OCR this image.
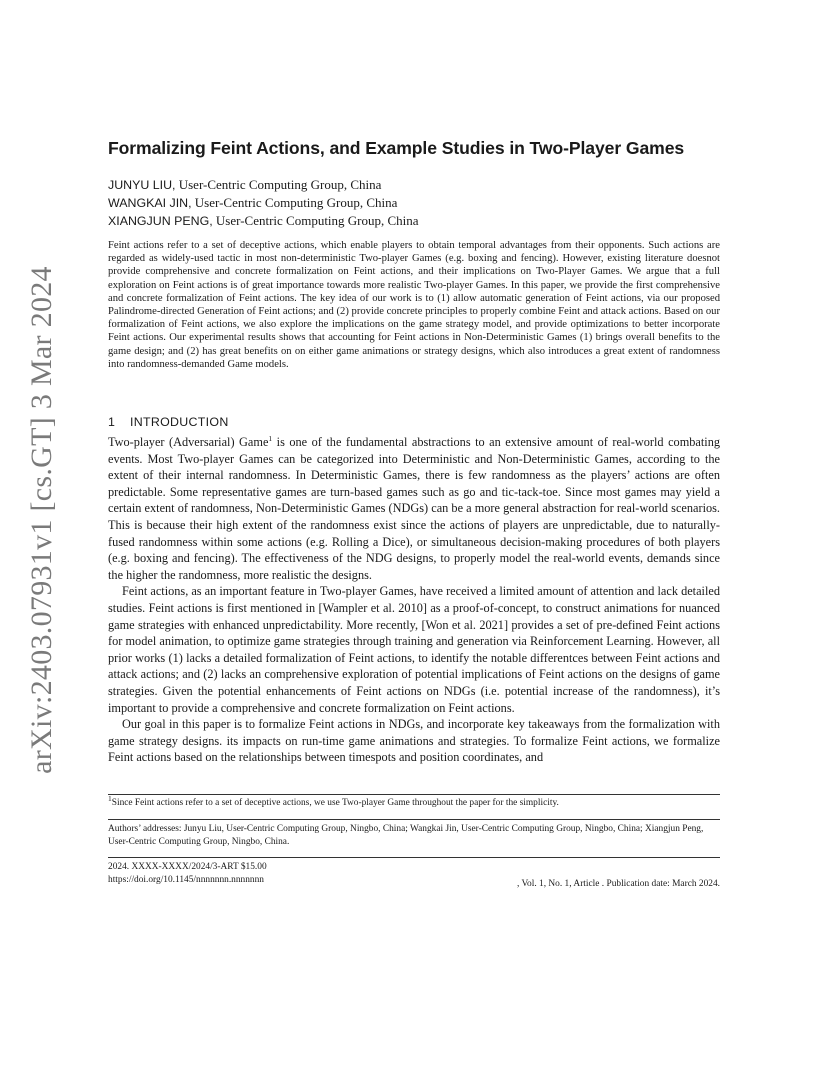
arXiv:2403.07931v1 [cs.GT] 3 Mar 2024
Formalizing Feint Actions, and Example Studies in Two-Player Games
JUNYU LIU, User-Centric Computing Group, China
WANGKAI JIN, User-Centric Computing Group, China
XIANGJUN PENG, User-Centric Computing Group, China

Feint actions refer to a set of deceptive actions, which enable players to obtain temporal advantages from their opponents. Such actions are regarded as widely-used tactic in most non-deterministic Two-player Games (e.g. boxing and fencing). However, existing literature doesnot provide comprehensive and concrete formalization on Feint actions, and their implications on Two-Player Games. We argue that a full exploration on Feint actions is of great importance towards more realistic Two-player Games. In this paper, we provide the first comprehensive and concrete formalization of Feint actions. The key idea of our work is to (1) allow automatic generation of Feint actions, via our proposed Palindrome-directed Generation of Feint actions; and (2) provide concrete principles to properly combine Feint and attack actions. Based on our formalization of Feint actions, we also explore the implications on the game strategy model, and provide optimizations to better incorporate Feint actions. Our experimental results shows that accounting for Feint actions in Non-Deterministic Games (1) brings overall benefits to the game design; and (2) has great benefits on on either game animations or strategy designs, which also introduces a great extent of randomness into randomness-demanded Game models.

1 INTRODUCTION

Two-player (Adversarial) Game$^1$ is one of the fundamental abstractions to an extensive amount of real-world combating events. Most Two-player Games can be categorized into Deterministic and Non-Deterministic Games, according to the extent of their internal randomness. In Deterministic Games, there is few randomness as the players’ actions are often predictable. Some representative games are turn-based games such as go and tic-tack-toe. Since most games may yield a certain extent of randomness, Non-Deterministic Games (NDGs) can be a more general abstraction for real-world scenarios. This is because their high extent of the randomness exist since the actions of players are unpredictable, due to naturally-fused randomness within some actions (e.g. Rolling a Dice), or simultaneous decision-making procedures of both players (e.g. boxing and fencing). The effectiveness of the NDG designs, to properly model the real-world events, demands since the higher the randomness, more realistic the designs.

Feint actions, as an important feature in Two-player Games, have received a limited amount of attention and lack detailed studies. Feint actions is first mentioned in [Wampler et al. 2010] as a proof-of-concept, to construct animations for nuanced game strategies with enhanced unpredictability. More recently, [Won et al. 2021] provides a set of pre-defined Feint actions for model animation, to optimize game strategies through training and generation via Reinforcement Learning. However, all prior works (1) lacks a detailed formalization of Feint actions, to identify the notable differentces between Feint actions and attack actions; and (2) lacks an comprehensive exploration of potential implications of Feint actions on the designs of game strategies. Given the potential enhancements of Feint actions on NDGs (i.e. potential increase of the randomness), it’s important to provide a comprehensive and concrete formalization on Feint actions.

Our goal in this paper is to formalize Feint actions in NDGs, and incorporate key takeaways from the formalization with game strategy designs. its impacts on run-time game animations and strategies. To formalize Feint actions, we formalize Feint actions based on the relationships between timespots and position coordinates, and

$^1$Since Feint actions refer to a set of deceptive actions, we use Two-player Game throughout the paper for the simplicity.
Authors’ addresses: Junyu Liu, User-Centric Computing Group, Ningbo, China; Wangkai Jin, User-Centric Computing Group, Ningbo, China; Xiangjun Peng, User-Centric Computing Group, Ningbo, China.
2024. XXXX-XXXX/2024/3-ART $15.00
https://doi.org/10.1145/nnnnnnn.nnnnnnn	, Vol. 1, No. 1, Article . Publication date: March 2024.
